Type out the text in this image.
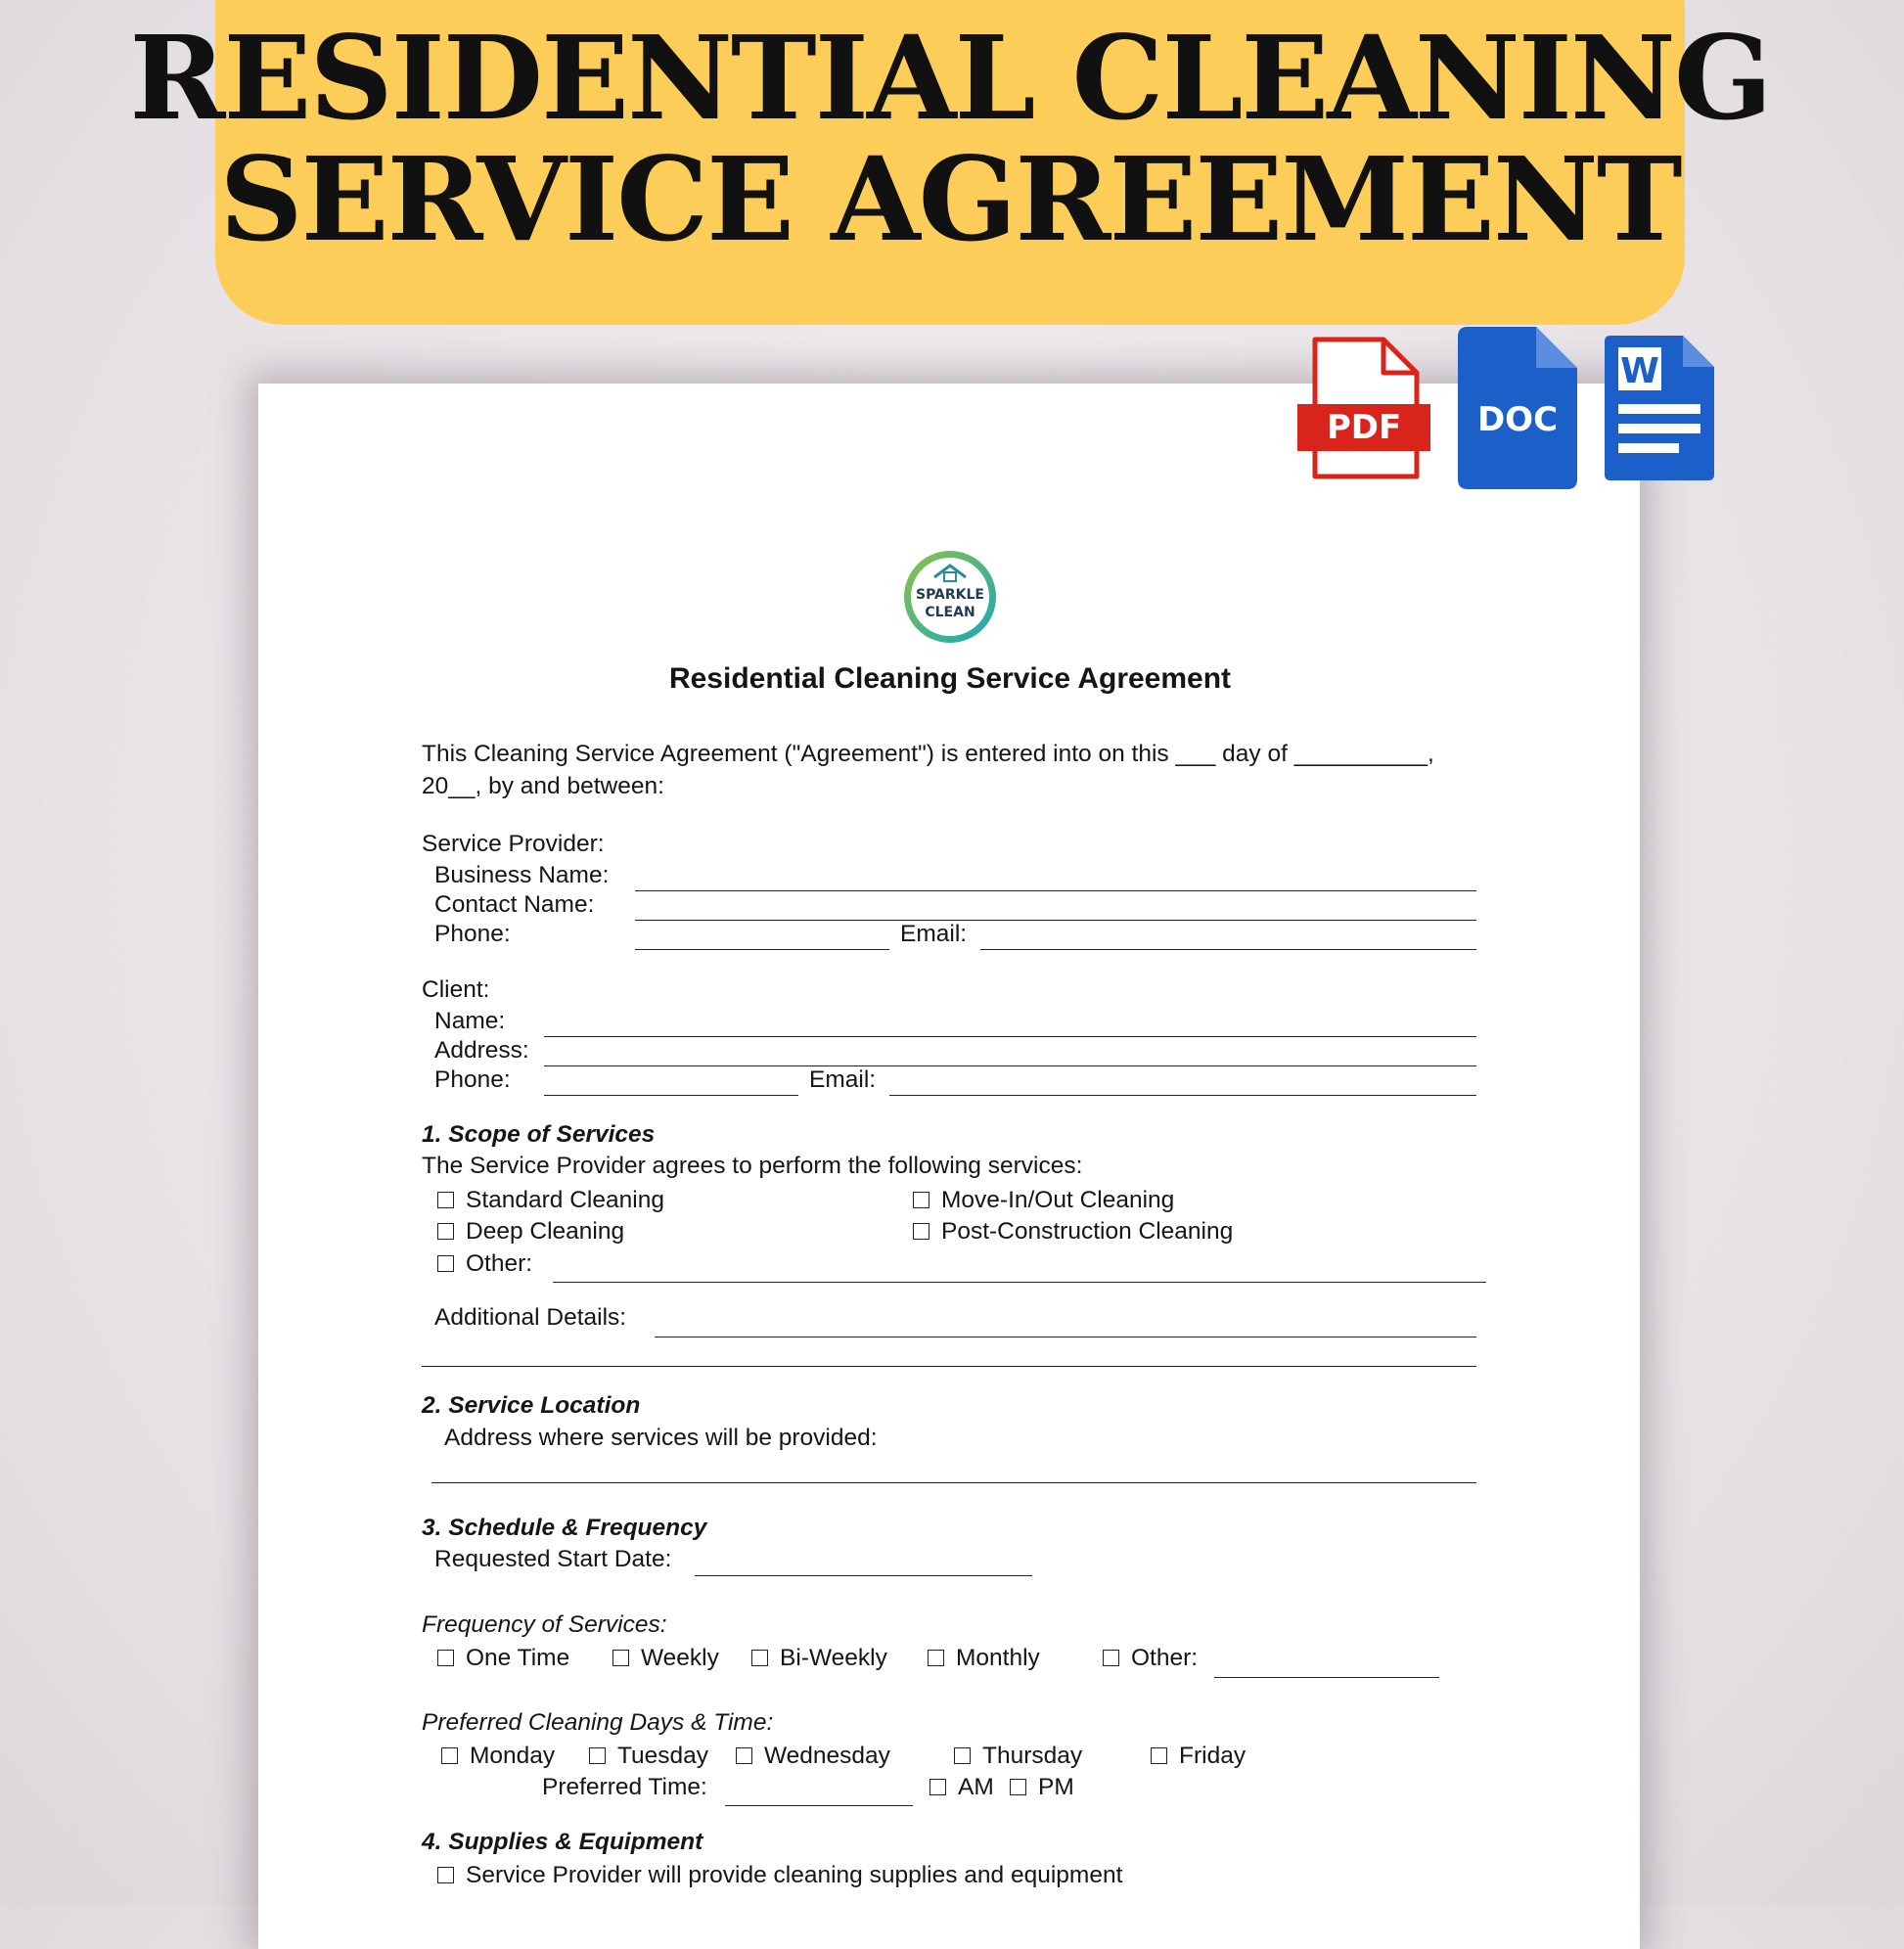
RESIDENTIAL CLEANING
SERVICE AGREEMENT
PDF DOC
W
SPARKLE
CLEAN
Residential Cleaning Service Agreement
This Cleaning Service Agreement ("Agreement") is entered into on this ___ day of __________,
20__, by and between:
Service Provider:
Business Name:
Contact Name:
Phone:	Email:
Client:
Name:
Address:
Phone:	Email:
1. Scope of Services
The Service Provider agrees to perform the following services:
Standard Cleaning	Move-In/Out Cleaning
Deep Cleaning	Post-Construction Cleaning
Other:
Additional Details:
2. Service Location
Address where services will be provided:
3. Schedule & Frequency
Requested Start Date:
Frequency of Services:
One Time	Weekly	Bi-Weekly	Monthly	Other:
Preferred Cleaning Days & Time:
Monday	Tuesday	Wednesday	Thursday	Friday
Preferred Time:	AM	PM
4. Supplies & Equipment
Service Provider will provide cleaning supplies and equipment
